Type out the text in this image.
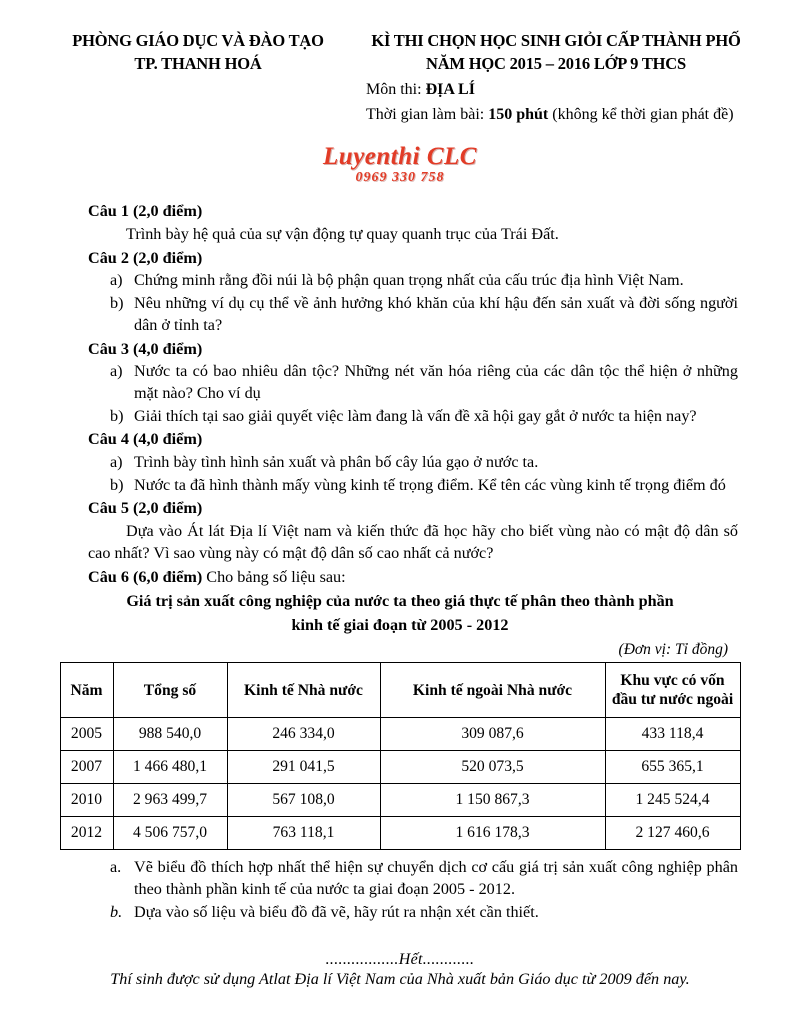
PHÒNG GIÁO DỤC VÀ ĐÀO TẠO
TP. THANH HOÁ
KÌ THI CHỌN HỌC SINH GIỎI CẤP THÀNH PHỐ
NĂM HỌC 2015 – 2016 LỚP 9 THCS
Môn thi: ĐỊA LÍ
Thời gian làm bài: 150 phút (không kể thời gian phát đề)
Luyenthi CLC
0969 330 758
Câu 1 (2,0 điểm)
Trình bày hệ quả của sự vận động tự quay quanh trục của Trái Đất.
Câu 2 (2,0 điểm)
a) Chứng minh rằng đồi núi là bộ phận quan trọng nhất của cấu trúc địa hình Việt Nam.
b) Nêu những ví dụ cụ thể về ảnh hưởng khó khăn của khí hậu đến sản xuất và đời sống người dân ở tỉnh ta?
Câu 3 (4,0 điểm)
a) Nước ta có bao nhiêu dân tộc? Những nét văn hóa riêng của các dân tộc thể hiện ở những mặt nào? Cho ví dụ
b) Giải thích tại sao giải quyết việc làm đang là vấn đề xã hội gay gắt ở nước ta hiện nay?
Câu 4 (4,0 điểm)
a) Trình bày tình hình sản xuất và phân bố cây lúa gạo ở nước ta.
b) Nước ta đã hình thành mấy vùng kinh tế trọng điểm. Kể tên các vùng kinh tế trọng điểm đó
Câu 5 (2,0 điểm)
Dựa vào Át lát Địa lí Việt nam và kiến thức đã học hãy cho biết vùng nào có mật độ dân số cao nhất? Vì sao vùng này có mật độ dân số cao nhất cả nước?
Câu 6 (6,0 điểm) Cho bảng số liệu sau:
Giá trị sản xuất công nghiệp của nước ta theo giá thực tế phân theo thành phần
kinh tế giai đoạn từ 2005 - 2012
(Đơn vị: Tỉ đồng)
Năm	Tổng số	Kinh tế Nhà nước	Kinh tế ngoài Nhà nước	Khu vực có vốn đầu tư nước ngoài
2005	988 540,0	246 334,0	309 087,6	433 118,4
2007	1 466 480,1	291 041,5	520 073,5	655 365,1
2010	2 963 499,7	567 108,0	1 150 867,3	1 245 524,4
2012	4 506 757,0	763 118,1	1 616 178,3	2 127 460,6
a. Vẽ biểu đồ thích hợp nhất thể hiện sự chuyển dịch cơ cấu giá trị sản xuất công nghiệp phân theo thành phần kinh tế của nước ta giai đoạn 2005 - 2012.
b. Dựa vào số liệu và biểu đồ đã vẽ, hãy rút ra nhận xét cần thiết.
.................Hết............
Thí sinh được sử dụng Atlat Địa lí Việt Nam của Nhà xuất bản Giáo dục từ 2009 đến nay.
